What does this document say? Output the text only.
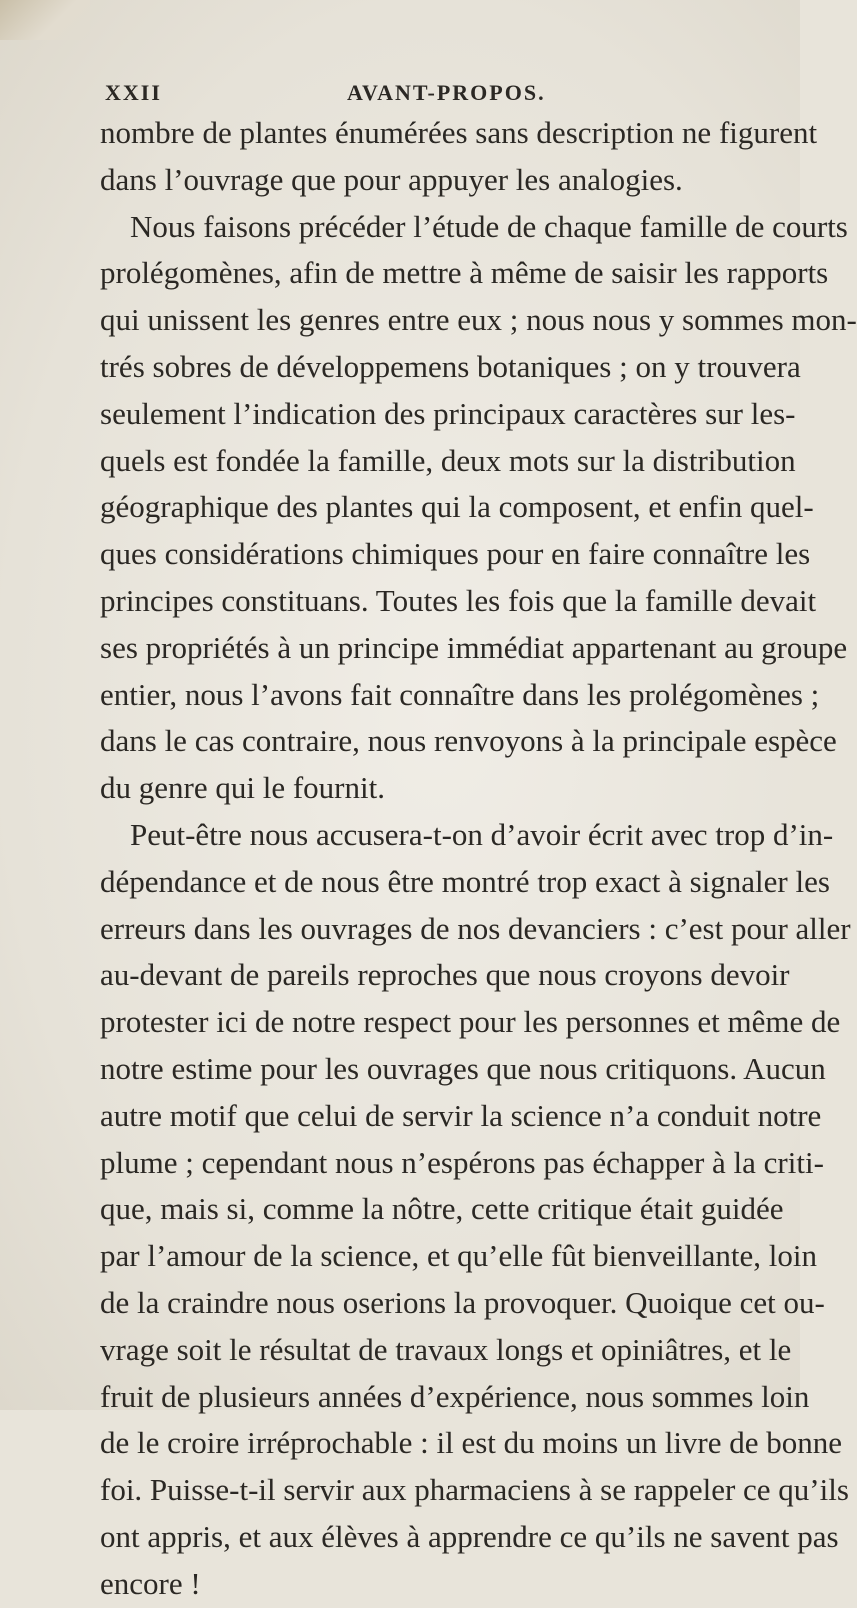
XXII	AVANT-PROPOS.
nombre de plantes énumérées sans description ne figurent
dans l’ouvrage que pour appuyer les analogies.
Nous faisons précéder l’étude de chaque famille de courts
prolégomènes, afin de mettre à même de saisir les rapports
qui unissent les genres entre eux ; nous nous y sommes mon-
trés sobres de développemens botaniques ; on y trouvera
seulement l’indication des principaux caractères sur les-
quels est fondée la famille, deux mots sur la distribution
géographique des plantes qui la composent, et enfin quel-
ques considérations chimiques pour en faire connaître les
principes constituans. Toutes les fois que la famille devait
ses propriétés à un principe immédiat appartenant au groupe
entier, nous l’avons fait connaître dans les prolégomènes ;
dans le cas contraire, nous renvoyons à la principale espèce
du genre qui le fournit.
Peut-être nous accusera-t-on d’avoir écrit avec trop d’in-
dépendance et de nous être montré trop exact à signaler les
erreurs dans les ouvrages de nos devanciers : c’est pour aller
au-devant de pareils reproches que nous croyons devoir
protester ici de notre respect pour les personnes et même de
notre estime pour les ouvrages que nous critiquons. Aucun
autre motif que celui de servir la science n’a conduit notre
plume ; cependant nous n’espérons pas échapper à la criti-
que, mais si, comme la nôtre, cette critique était guidée
par l’amour de la science, et qu’elle fût bienveillante, loin
de la craindre nous oserions la provoquer. Quoique cet ou-
vrage soit le résultat de travaux longs et opiniâtres, et le
fruit de plusieurs années d’expérience, nous sommes loin
de le croire irréprochable : il est du moins un livre de bonne
foi. Puisse-t-il servir aux pharmaciens à se rappeler ce qu’ils
ont appris, et aux élèves à apprendre ce qu’ils ne savent pas
encore !
